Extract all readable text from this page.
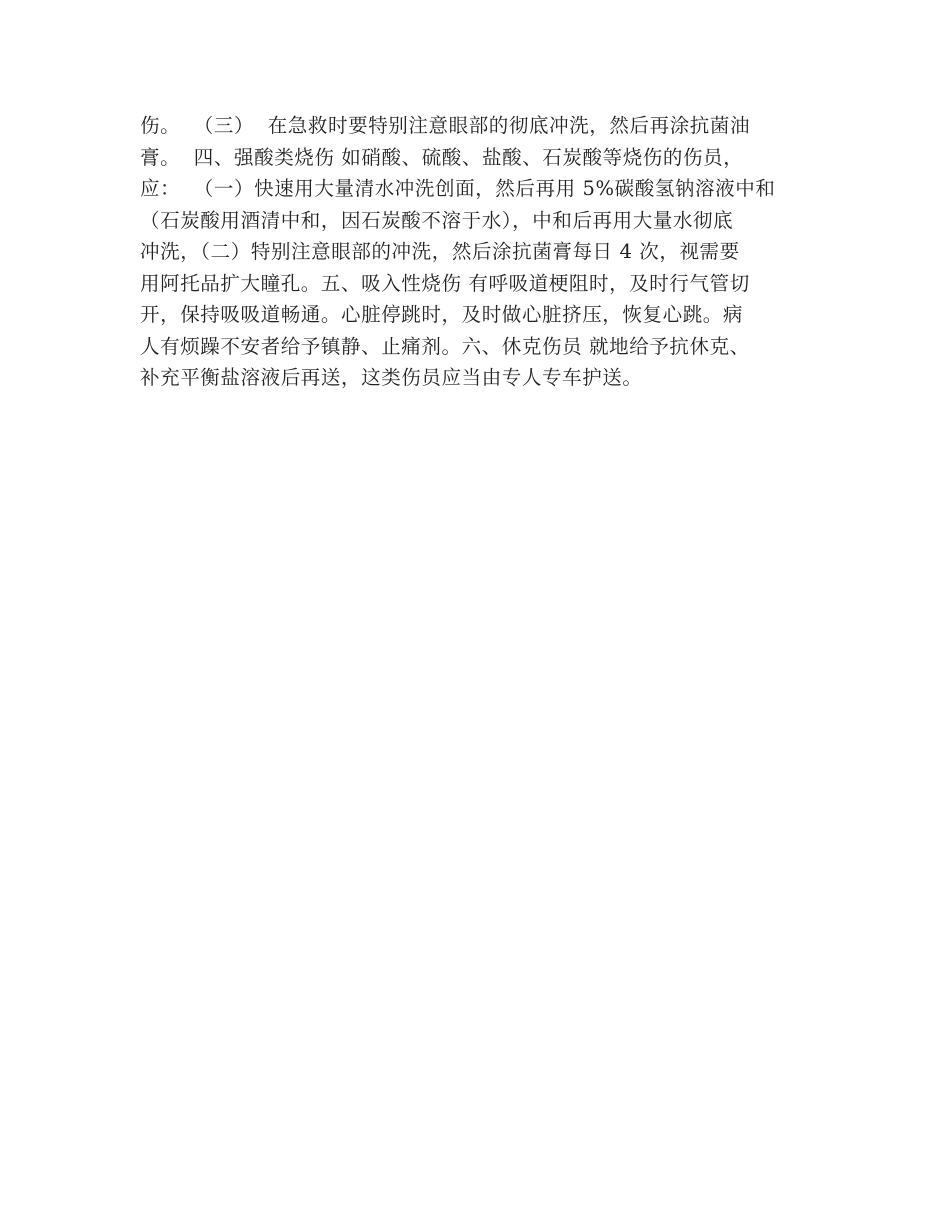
伤。  （三）  在急救时要特别注意眼部的彻底冲洗，然后再涂抗菌油
膏。  四、强酸类烧伤 如硝酸、硫酸、盐酸、石炭酸等烧伤的伤员，
应：  （一）快速用大量清水冲洗创面，然后再用 5%碳酸氢钠溶液中和
（石炭酸用酒清中和，因石炭酸不溶于水），中和后再用大量水彻底
冲洗，（二）特别注意眼部的冲洗，然后涂抗菌膏每日 4 次，视需要
用阿托品扩大瞳孔。五、吸入性烧伤 有呼吸道梗阻时，及时行气管切
开，保持吸吸道畅通。心脏停跳时，及时做心脏挤压，恢复心跳。病
人有烦躁不安者给予镇静、止痛剂。六、休克伤员 就地给予抗休克、
补充平衡盐溶液后再送，这类伤员应当由专人专车护送。
